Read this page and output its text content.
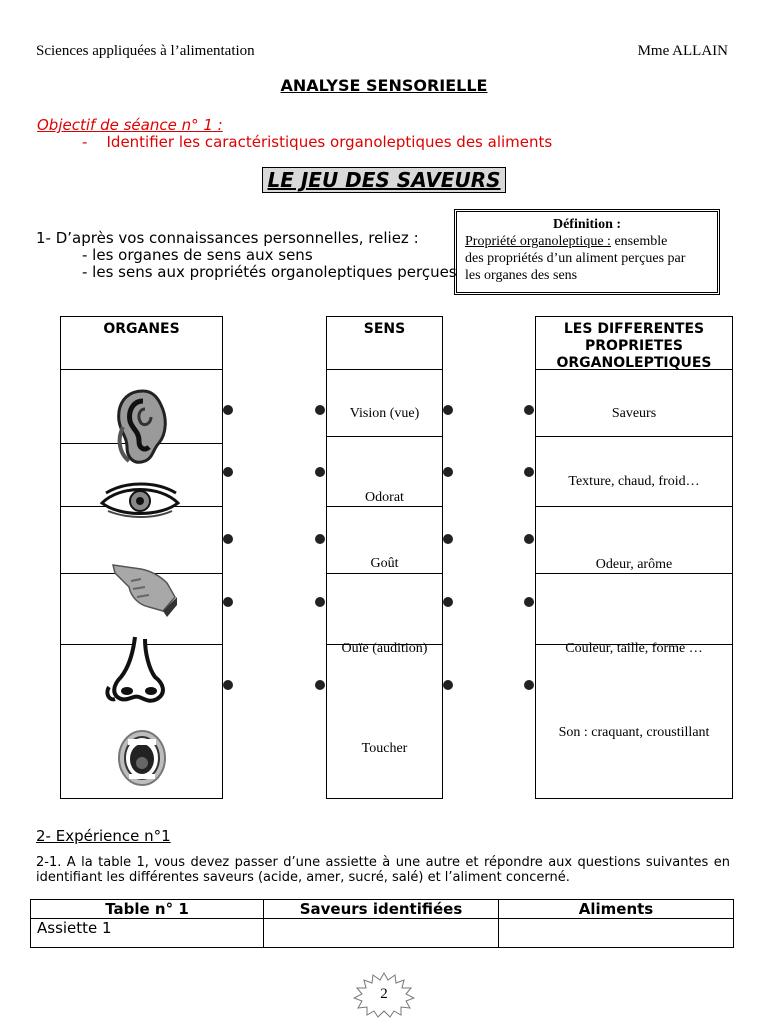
Sciences appliquées à l’alimentation	Mme ALLAIN
ANALYSE SENSORIELLE
Objectif de séance n° 1 :
- Identifier les caractéristiques organoleptiques des aliments
LE JEU DES SAVEURS
1- D’après vos connaissances personnelles, reliez :
- les organes de sens aux sens
- les sens aux propriétés organoleptiques perçues
Définition :
Propriété organoleptique : ensemble
des propriétés d’un aliment perçues par
les organes des sens
ORGANES	SENS
Vision (vue)
Odorat
Goût
Ouïe (audition)
Toucher
LES DIFFERENTES
PROPRIETES
ORGANOLEPTIQUES
Saveurs
Texture, chaud, froid…
Odeur, arôme
Couleur, taille, forme …
Son : craquant, croustillant
2- Expérience n°1
2-1. A la table 1, vous devez passer d’une assiette à une autre et répondre aux questions suivantes en identifiant les différentes saveurs (acide, amer, sucré, salé) et l’aliment concerné.
Table n° 1	Saveurs identifiées	Aliments
Assiette 1		
2
